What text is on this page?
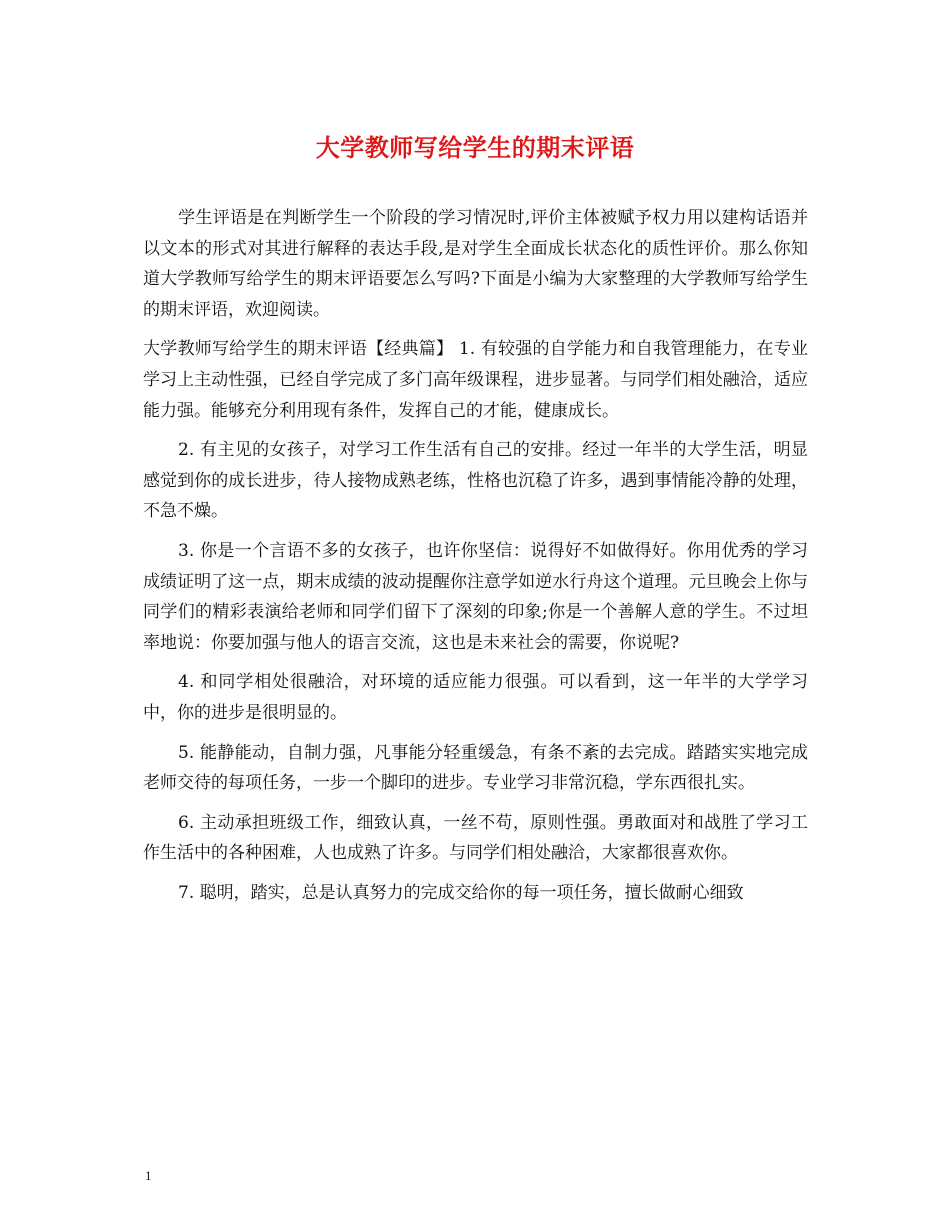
大学教师写给学生的期末评语

学生评语是在判断学生一个阶段的学习情况时,评价主体被赋予权力用以建构话语并以文本的形式对其进行解释的表达手段,是对学生全面成长状态化的质性评价。那么你知道大学教师写给学生的期末评语要怎么写吗?下面是小编为大家整理的大学教师写给学生的期末评语，欢迎阅读。

大学教师写给学生的期末评语【经典篇】 1. 有较强的自学能力和自我管理能力，在专业学习上主动性强，已经自学完成了多门高年级课程，进步显著。与同学们相处融洽，适应能力强。能够充分利用现有条件，发挥自己的才能，健康成长。

2. 有主见的女孩子，对学习工作生活有自己的安排。经过一年半的大学生活，明显感觉到你的成长进步，待人接物成熟老练，性格也沉稳了许多，遇到事情能冷静的处理，不急不燥。

3. 你是一个言语不多的女孩子，也许你坚信：说得好不如做得好。你用优秀的学习成绩证明了这一点，期末成绩的波动提醒你注意学如逆水行舟这个道理。元旦晚会上你与同学们的精彩表演给老师和同学们留下了深刻的印象;你是一个善解人意的学生。不过坦率地说：你要加强与他人的语言交流，这也是未来社会的需要，你说呢?

4. 和同学相处很融洽，对环境的适应能力很强。可以看到，这一年半的大学学习中，你的进步是很明显的。

5. 能静能动，自制力强，凡事能分轻重缓急，有条不紊的去完成。踏踏实实地完成老师交待的每项任务，一步一个脚印的进步。专业学习非常沉稳，学东西很扎实。

6. 主动承担班级工作，细致认真，一丝不苟，原则性强。勇敢面对和战胜了学习工作生活中的各种困难，人也成熟了许多。与同学们相处融洽，大家都很喜欢你。

7. 聪明，踏实，总是认真努力的完成交给你的每一项任务，擅长做耐心细致

1
